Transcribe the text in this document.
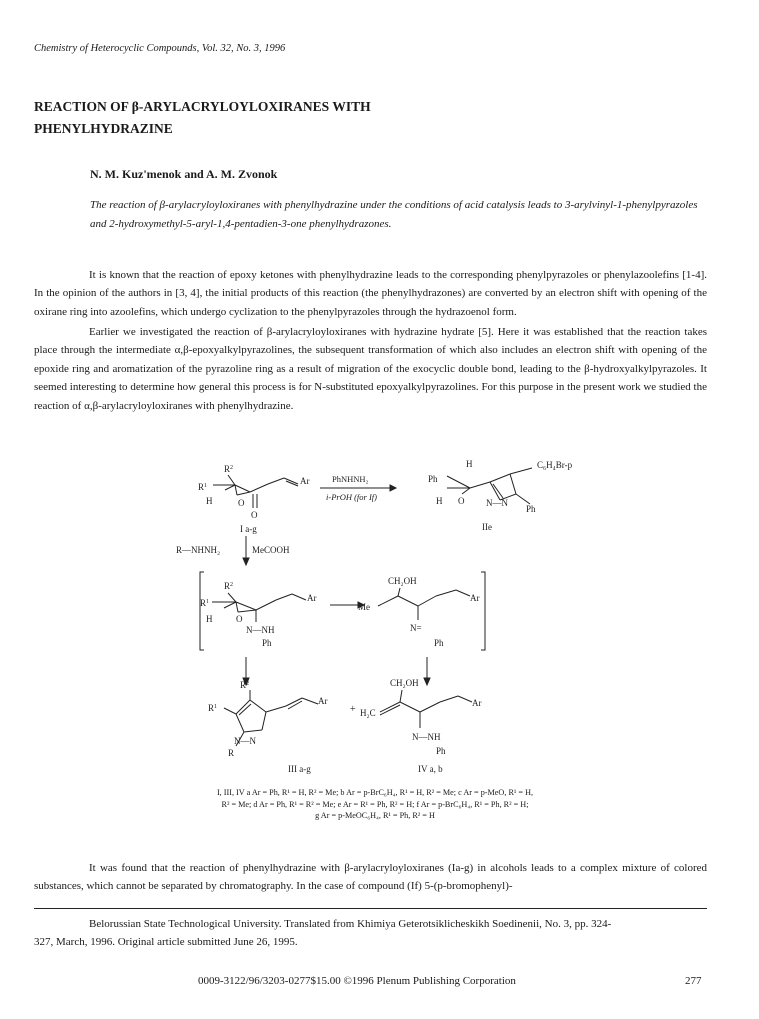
Chemistry of Heterocyclic Compounds, Vol. 32, No. 3, 1996
REACTION OF β-ARYLACRYLOYLOXIRANES WITH
PHENYLHYDRAZINE
N. M. Kuz'menok and A. M. Zvonok

The reaction of β-arylacryloyloxiranes with phenylhydrazine under the conditions of acid catalysis leads to 3-arylvinyl-1-phenylpyrazoles and 2-hydroxymethyl-5-aryl-1,4-pentadien-3-one phenylhydrazones.

It is known that the reaction of epoxy ketones with phenylhydrazine leads to the corresponding phenylpyrazoles or phenylazoolefins [1-4]. In the opinion of the authors in [3, 4], the initial products of this reaction (the phenylhydrazones) are converted by an electron shift with opening of the oxirane ring into azoolefins, which undergo cyclization to the phenylpyrazoles through the hydrazoenol form.

Earlier we investigated the reaction of β-arylacryloyloxiranes with hydrazine hydrate [5]. Here it was established that the reaction takes place through the intermediate α,β-epoxyalkylpyrazolines, the subsequent transformation of which also includes an electron shift with opening of the epoxide ring and aromatization of the pyrazoline ring as a result of migration of the exocyclic double bond, leading to the β-hydroxyalkylpyrazoles. It seemed interesting to determine how general this process is for N-substituted epoxyalkylpyrazolines. For this purpose in the present work we studied the reaction of α,β-arylacryloyloxiranes with phenylhydrazine.

$R^2$
$R^1$
H	O
O
Ar
I a-g
PhNHNH₂
i-PrOH (for If)
H
Ph
C₆H₄Br-p
H O N—N
Ph
IIe
R—NHNH₂	MeCOOH
$R^2$
$R^1$
H	O
Ar
N—NH
Ph
CH₂OH
Me
Ar
N=
Ph
$R^2$
$R^1$
Ar
N—N
R
III a-g
+
CH₂OH
H₂C
Ar
N—NH
Ph
IV a, b
I, III, IV a Ar = Ph, R¹ = H, R² = Me; b Ar = p-BrC₆H₄, R¹ = H, R² = Me; c Ar = p-MeO, R¹ = H,
R² = Me; d Ar = Ph, R¹ = R² = Me; e Ar = R¹ = Ph, R² = H; f Ar = p-BrC₆H₄, R¹ = Ph, R² = H;
g Ar = p-MeOC₆H₄, R¹ = Ph, R² = H

It was found that the reaction of phenylhydrazine with β-arylacryloyloxiranes (Ia-g) in alcohols leads to a complex mixture of colored substances, which cannot be separated by chromatography. In the case of compound (If) 5-(p-bromophenyl)-

Belorussian State Technological University. Translated from Khimiya Geterotsiklicheskikh Soedinenii, No. 3, pp. 324-
327, March, 1996. Original article submitted June 26, 1995.
0009-3122/96/3203-0277$15.00 ©1996 Plenum Publishing Corporation	277
